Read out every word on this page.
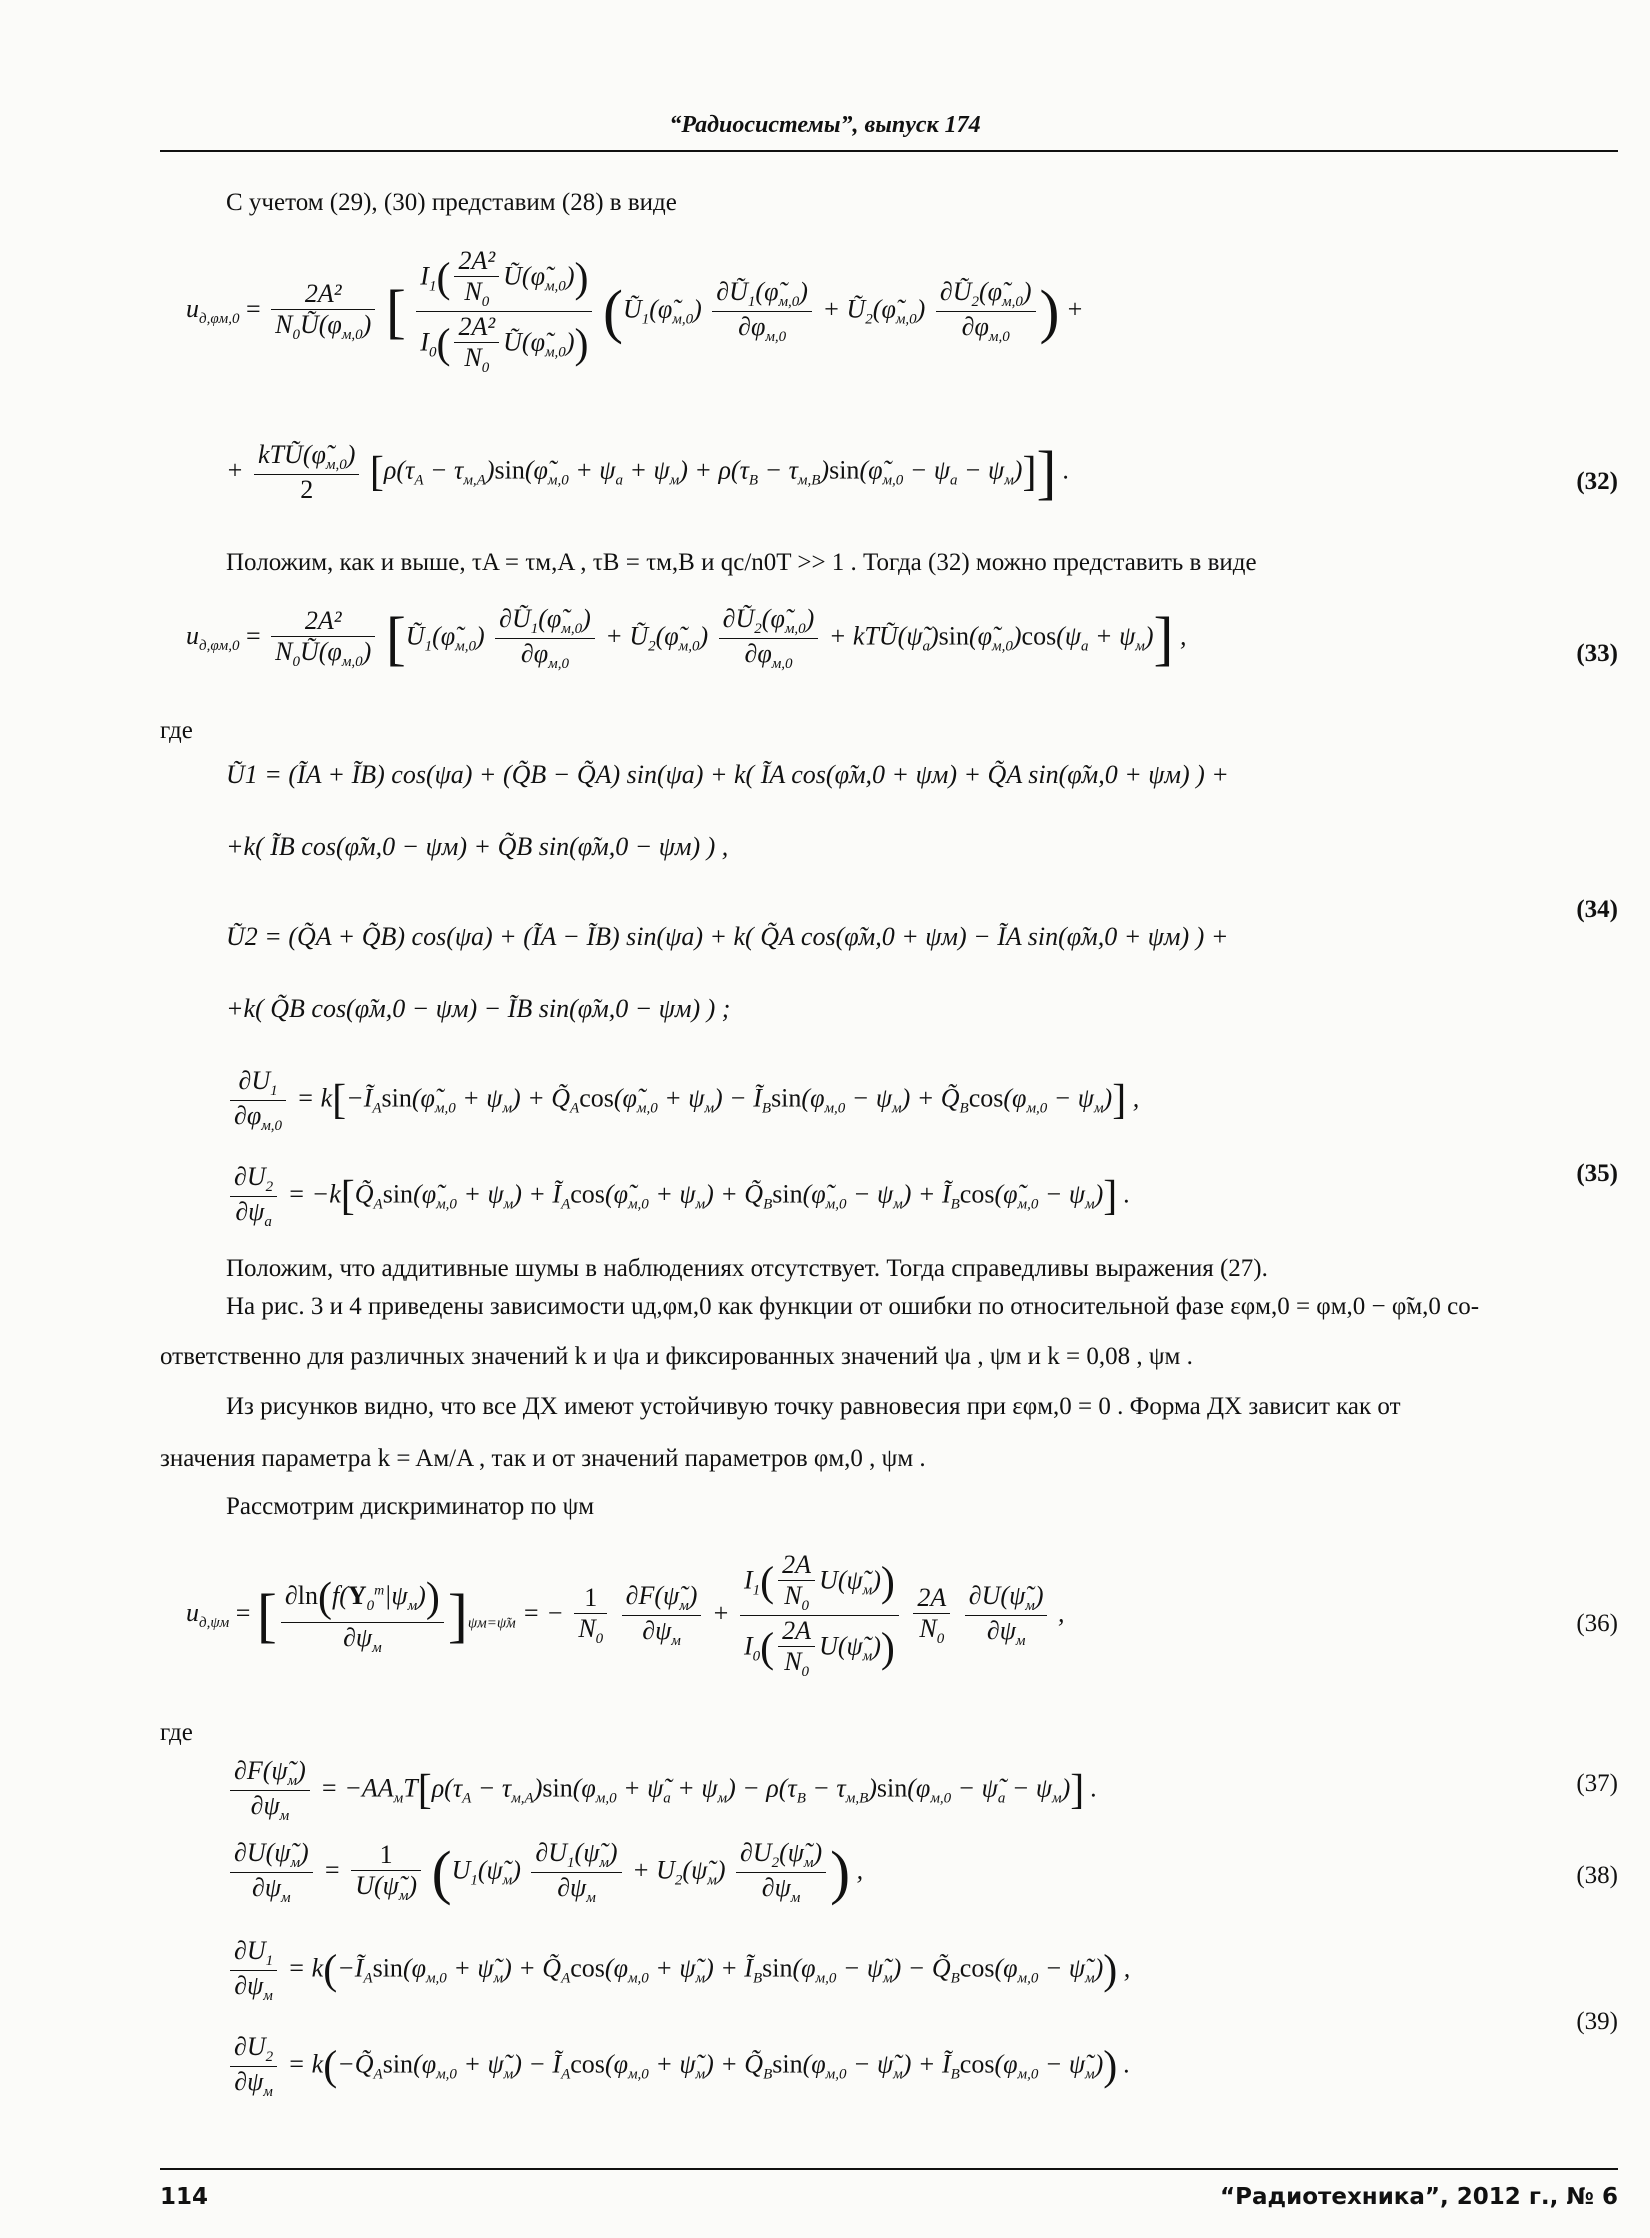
“Радиосистемы”, выпуск 174
С учетом (29), (30) представим (28) в виде
$u_{д,\varphi м,0} = \frac{\text{2A²}}{N_0Ũ(\varphi_{м,0})}$ [ $\frac{I_1( \frac{\text{2A²}}{N_0} Ũ(\varphĩ_{м,0}))}{I_0( \frac{\text{2A²}}{N_0} Ũ(\varphĩ_{м,0}))}$ ($Ũ_1(\varphĩ_{м,0}) \frac{\partial Ũ_1(\varphĩ_{м,0})}{\partial\varphi_{м,0}}$ + $Ũ_2(\varphĩ_{м,0}) \frac{\partial Ũ_2(\varphĩ_{м,0})}{\partial\varphi_{м,0}}$ ) +
+ $\frac{kTŨ(\varphĩ_{м,0})}{2} [\rho(\tau_A$ − $\tau_{м,A})\sin(\varphĩ_{м,0} + \psi_a + \psi_м) + \rho(\tau_B$ − $\tau_{м,B})\sin(\varphĩ_{м,0} - \psi_a - \psi_м)$]] .	(32)
Положим, как и выше, τA = τм,A , τB = τм,B и qc/n0T >> 1 . Тогда (32) можно представить в виде
$u_{д,\varphi м,0} = \frac{\text{2A²}}{N_0Ũ(\varphi_{м,0})}$ [$Ũ_1(\varphĩ_{м,0}) \frac{\partial Ũ_1(\varphĩ_{м,0})}{\partial\varphi_{м,0}}$ + $Ũ_2(\varphĩ_{м,0}) \frac{\partial Ũ_2(\varphĩ_{м,0})}{\partial\varphi_{м,0}}$ + $kTŨ(\psĩ_a)\sin(\varphĩ_{м,0})\cos(\psi_a + \psi_м)$] ,
(33)
где
Ũ1 = (ĨA + ĨB) cos(ψa) + (Q̃B − Q̃A) sin(ψa) + k( ĨA cos(φ̃м,0 + ψм) + Q̃A sin(φ̃м,0 + ψм) ) +
+k( ĨB cos(φ̃м,0 − ψм) + Q̃B sin(φ̃м,0 − ψм) ) ,
(34)
Ũ2 = (Q̃A + Q̃B) cos(ψa) + (ĨA − ĨB) sin(ψa) + k( Q̃A cos(φ̃м,0 + ψм) − ĨA sin(φ̃м,0 + ψм) ) +
+k( Q̃B cos(φ̃м,0 − ψм) − ĨB sin(φ̃м,0 − ψм) ) ;
$\frac{\partial U_1}{\partial\varphi_{м,0}}$ = $k[-Ĩ_A\sin(\varphĩ_{м,0} + \psi_м)$ + $Q̃_A\cos(\varphĩ_{м,0} + \psi_м)$ − $Ĩ_B\sin(\varphi_{м,0} - \psi_м)$ + $Q̃_B\cos(\varphi_{м,0} - \psi_м)$] ,
(35)
$\frac{\partial U_2}{\partial\psi_a}$ = $-k[Q̃_A\sin(\varphĩ_{м,0} + \psi_м)$ + $Ĩ_A\cos(\varphĩ_{м,0} + \psi_м)$ + $Q̃_B\sin(\varphĩ_{м,0} - \psi_м)$ + $Ĩ_B\cos(\varphĩ_{м,0} - \psi_м)$] .
Положим, что аддитивные шумы в наблюдениях отсутствует. Тогда справедливы выражения (27).
На рис. 3 и 4 приведены зависимости uд,φм,0 как функции от ошибки по относительной фазе εφм,0 = φм,0 − φ̃м,0 со-
ответственно для различных значений k и ψa и фиксированных значений ψa , ψм и k = 0,08 , ψм .
Из рисунков видно, что все ДХ имеют устойчивую точку равновесия при εφм,0 = 0 . Форма ДХ зависит как от
значения параметра k = Aм/A , так и от значений параметров φм,0 , ψм .
Рассмотрим дискриминатор по ψм
$u_{д,\psi м}$ = [ $\frac{\partial\ln(f(Y_0^т|\psi_м))}{\partial\psi_м} ]_{\psi м=\psĩм}$ = − $\frac{1}{N_0}$
$\frac{\partial F(\psĩ_м)}{\partial\psi_м} + \frac{I_1( \frac{2A}{N_0} U(\psĩ_м))}{I_0( \frac{2A}{N_0} U(\psĩ_м))}$
$\frac{2A}{N_0}$
$\frac{\partial U(\psĩ_м)}{\partial\psi_м}$ ,	(36)
где
$\frac{\partial F(\psĩ_м)}{\partial\psi_м} = -AA_мT[\rho(\tau_A - \tau_{м,A})\sin(\varphi_{м,0}$ + $\psĩ_a + \psi_м) - \rho(\tau_B - \tau_{м,B})\sin(\varphi_{м,0}$ − $\psĩ_a - \psi_м$)] .	(37)
$\frac{\partial U(\psĩ_м)}{\partial\psi_м} = \frac{1}{U(\psĩ_м)}$ ($U_1(\psĩ_м) \frac{\partial U_1(\psĩ_м)}{\partial\psi_м}$ + $U_2(\psĩ_м) \frac{\partial U_2(\psĩ_м)}{\partial\psi_м}$ ) ,	(38)
$\frac{\partial U_1}{\partial\psi_м}$ = $k(-Ĩ_A\sin(\varphi_{м,0}$ + $\psĩ_м$) + $Q̃_A\cos(\varphi_{м,0}$ + $\psĩ_м$) + $Ĩ_B\sin(\varphi_{м,0}$ − $\psĩ_м$) − $Q̃_B\cos(\varphi_{м,0}$ − $\psĩ_м$)) ,
(39)
$\frac{\partial U_2}{\partial\psi_м}$ = $k(-Q̃_A\sin(\varphi_{м,0}$ + $\psĩ_м$) − $Ĩ_A\cos(\varphi_{м,0}$ + $\psĩ_м$) + $Q̃_B\sin(\varphi_{м,0}$ − $\psĩ_м$) + $Ĩ_B\cos(\varphi_{м,0}$ − $\psĩ_м$)) .
114	“Радиотехника”, 2012 г., № 6
